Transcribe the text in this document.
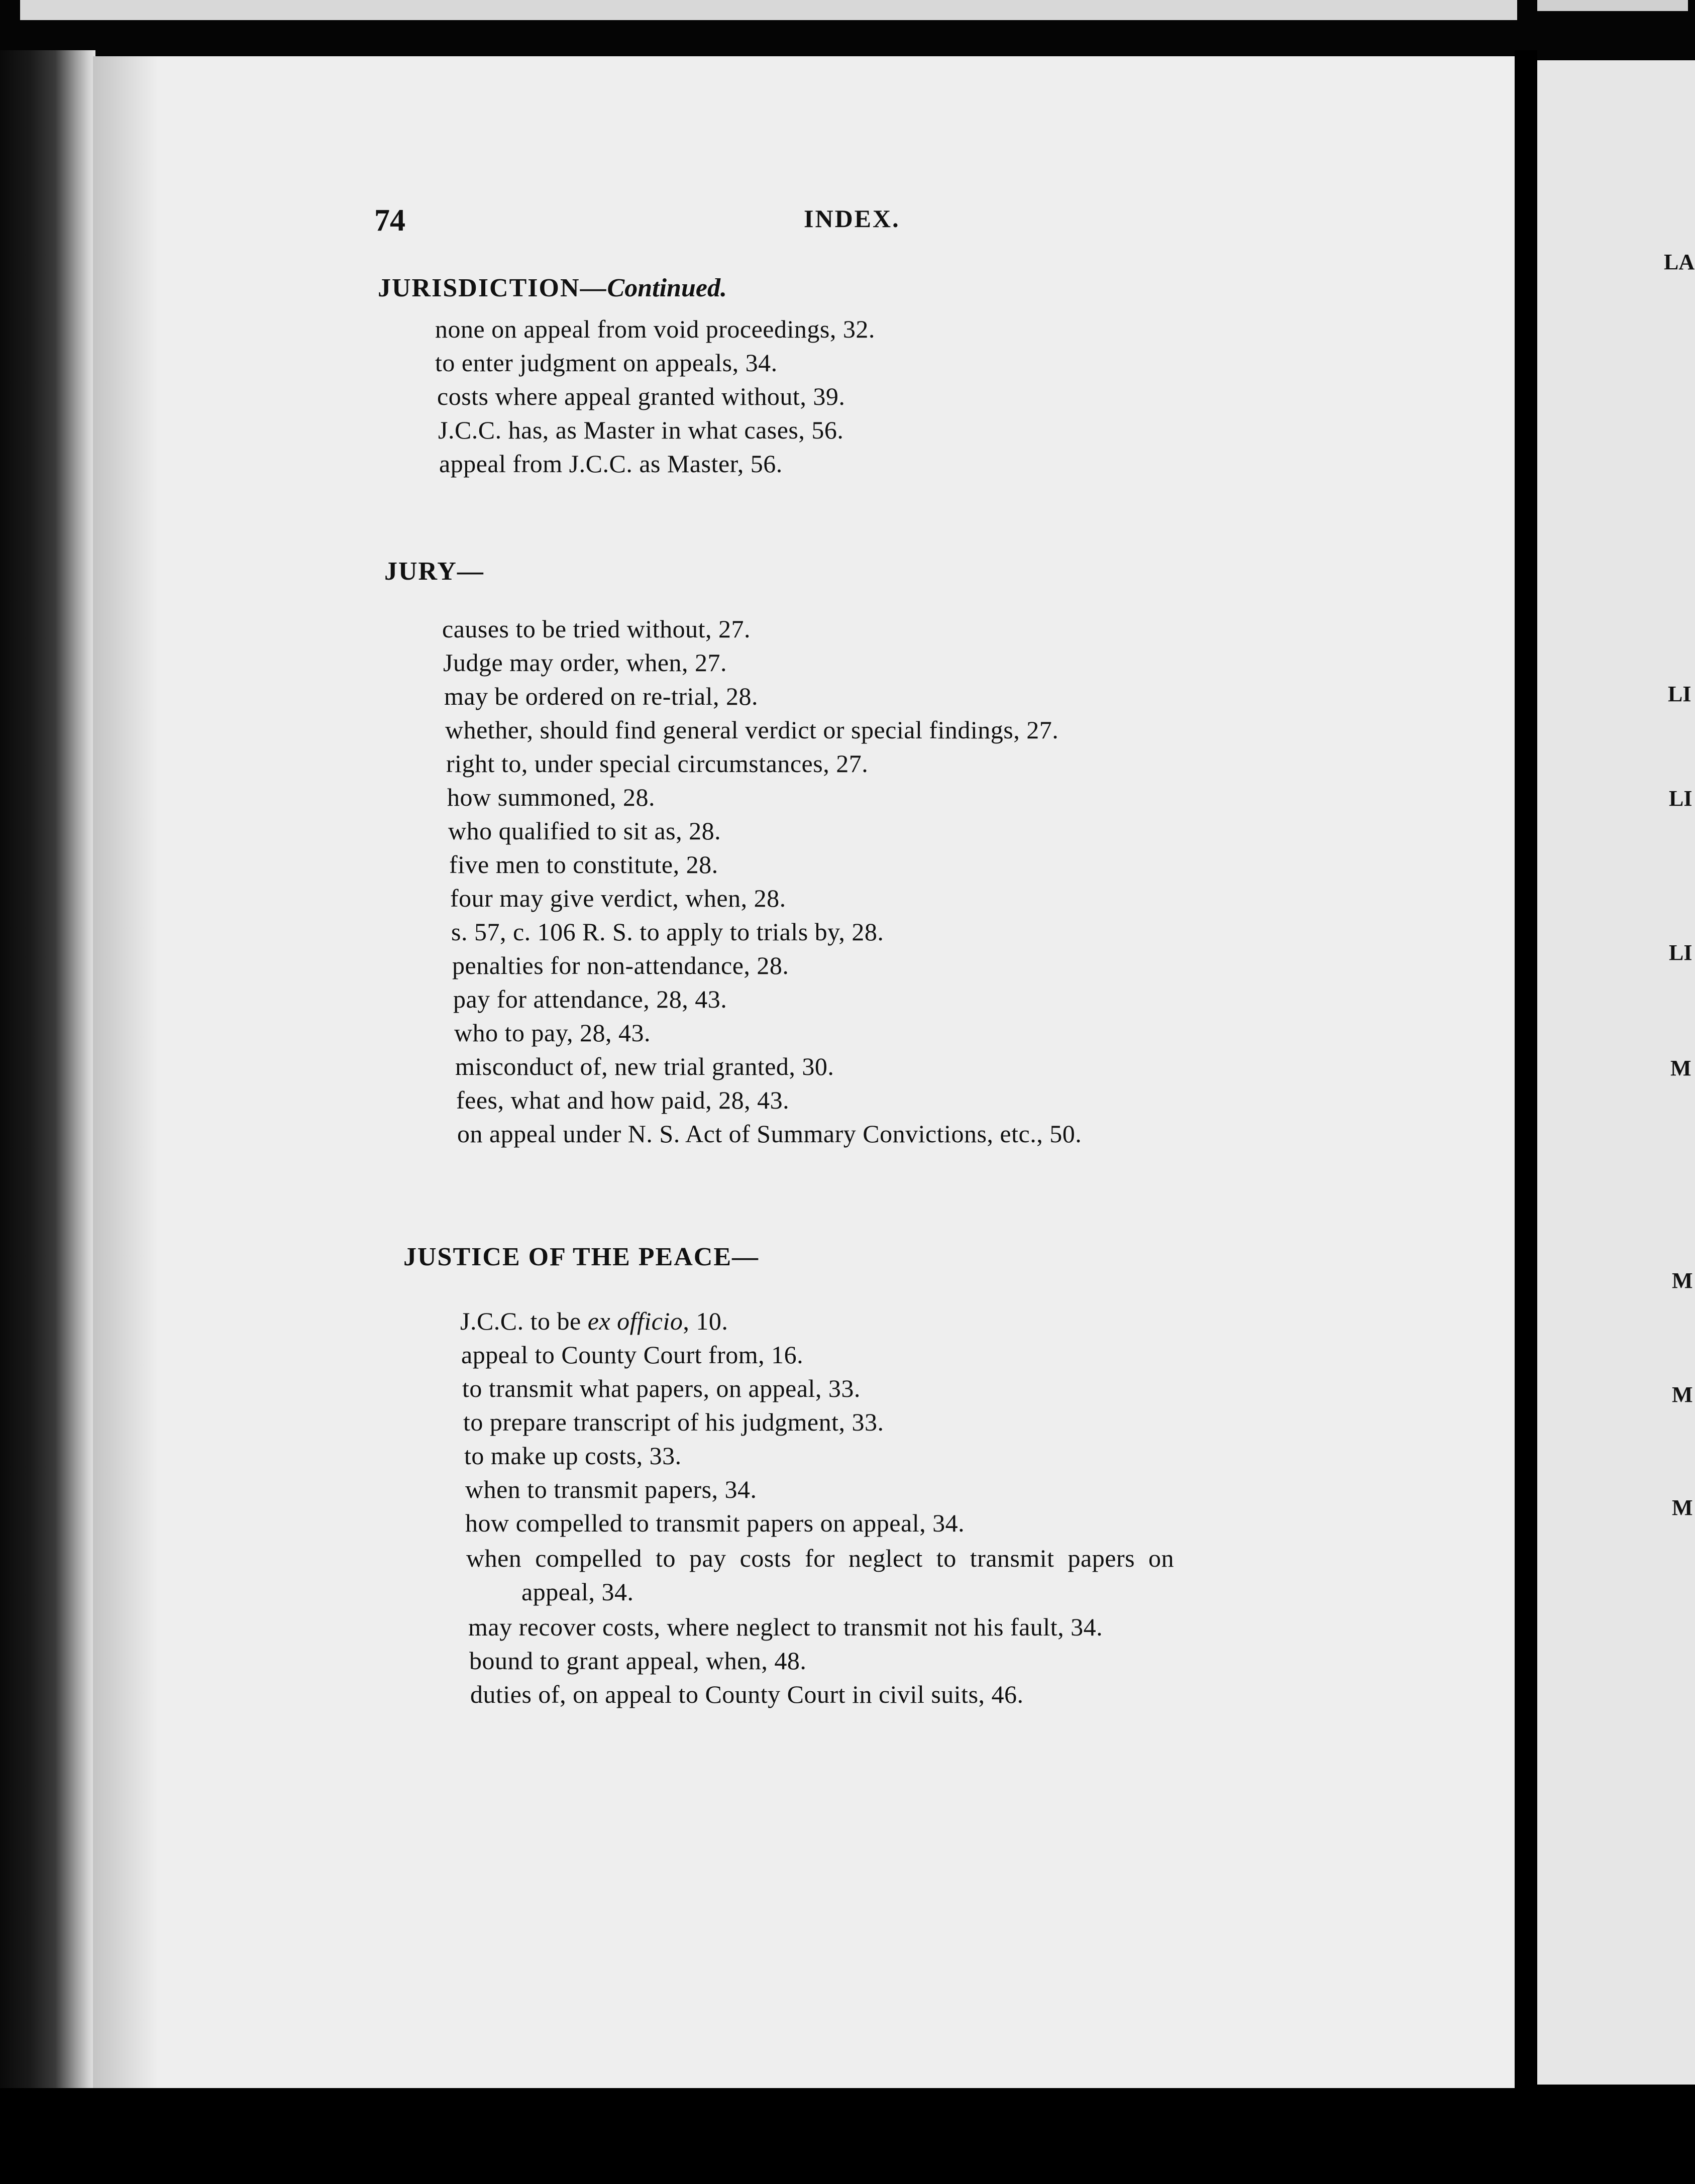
74	INDEX.
JURISDICTION—Continued.
none on appeal from void proceedings, 32.
to enter judgment on appeals, 34.
costs where appeal granted without, 39.
J.C.C. has, as Master in what cases, 56.
appeal from J.C.C. as Master, 56.
JURY—
causes to be tried without, 27.
Judge may order, when, 27.
may be ordered on re-trial, 28.
whether, should find general verdict or special findings, 27.
right to, under special circumstances, 27.
how summoned, 28.
who qualified to sit as, 28.
five men to constitute, 28.
four may give verdict, when, 28.
s. 57, c. 106 R. S. to apply to trials by, 28.
penalties for non-attendance, 28.
pay for attendance, 28, 43.
who to pay, 28, 43.
misconduct of, new trial granted, 30.
fees, what and how paid, 28, 43.
on appeal under N. S. Act of Summary Convictions, etc., 50.
JUSTICE OF THE PEACE—
J.C.C. to be ex officio, 10.
appeal to County Court from, 16.
to transmit what papers, on appeal, 33.
to prepare transcript of his judgment, 33.
to make up costs, 33.
when to transmit papers, 34.
how compelled to transmit papers on appeal, 34.
when compelled to pay costs for neglect to transmit papers on
appeal, 34.
may recover costs, where neglect to transmit not his fault, 34.
bound to grant appeal, when, 48.
duties of, on appeal to County Court in civil suits, 46.
LA
LI
LI
LI
M
M
M
M
